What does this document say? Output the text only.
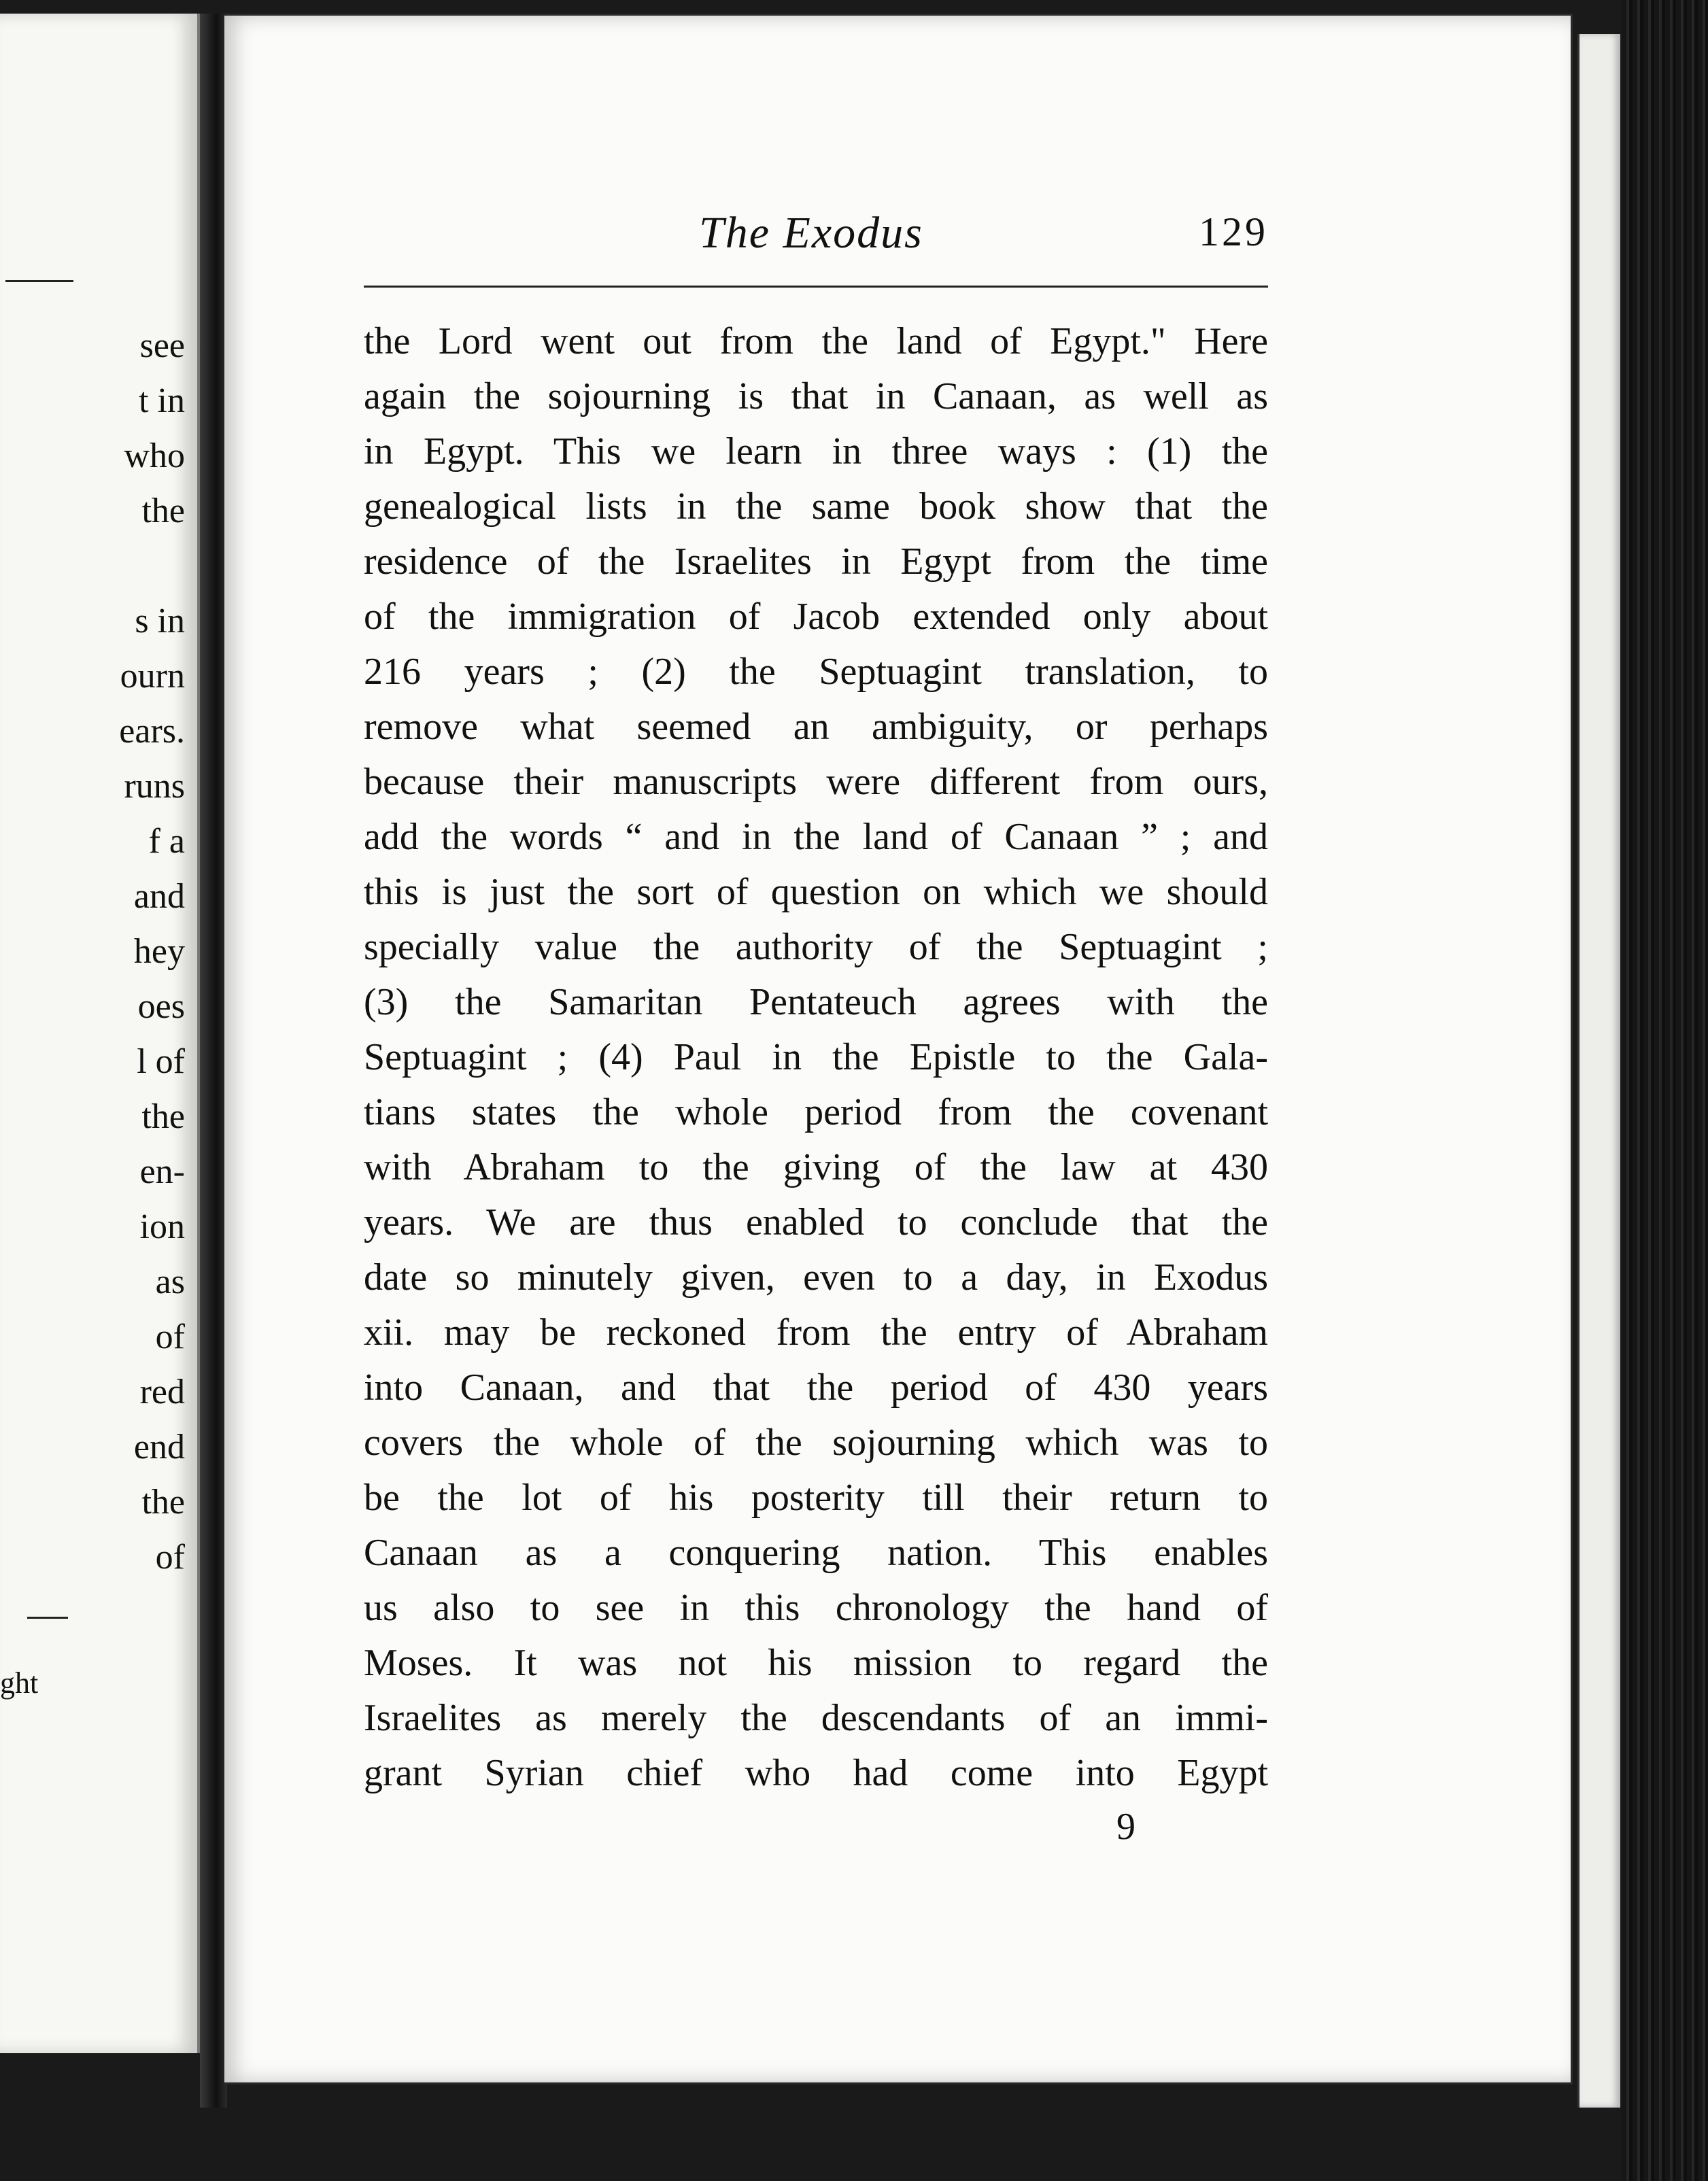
see
t in
who
the
s in
ourn
ears.
runs
f a
and
hey
oes
l of
the
en-
ion
as
of
red
end
the
of
ght
The Exodus	129
the Lord went out from the land of Egypt." Here
again the sojourning is that in Canaan, as well as
in Egypt. This we learn in three ways : (1) the
genealogical lists in the same book show that the
residence of the Israelites in Egypt from the time
of the immigration of Jacob extended only about
216 years ; (2) the Septuagint translation, to
remove what seemed an ambiguity, or perhaps
because their manuscripts were different from ours,
add the words “ and in the land of Canaan ” ; and
this is just the sort of question on which we should
specially value the authority of the Septuagint ;
(3) the Samaritan Pentateuch agrees with the
Septuagint ; (4) Paul in the Epistle to the Gala-
tians states the whole period from the covenant
with Abraham to the giving of the law at 430
years. We are thus enabled to conclude that the
date so minutely given, even to a day, in Exodus
xii. may be reckoned from the entry of Abraham
into Canaan, and that the period of 430 years
covers the whole of the sojourning which was to
be the lot of his posterity till their return to
Canaan as a conquering nation. This enables
us also to see in this chronology the hand of
Moses. It was not his mission to regard the
Israelites as merely the descendants of an immi-
grant Syrian chief who had come into Egypt
9
